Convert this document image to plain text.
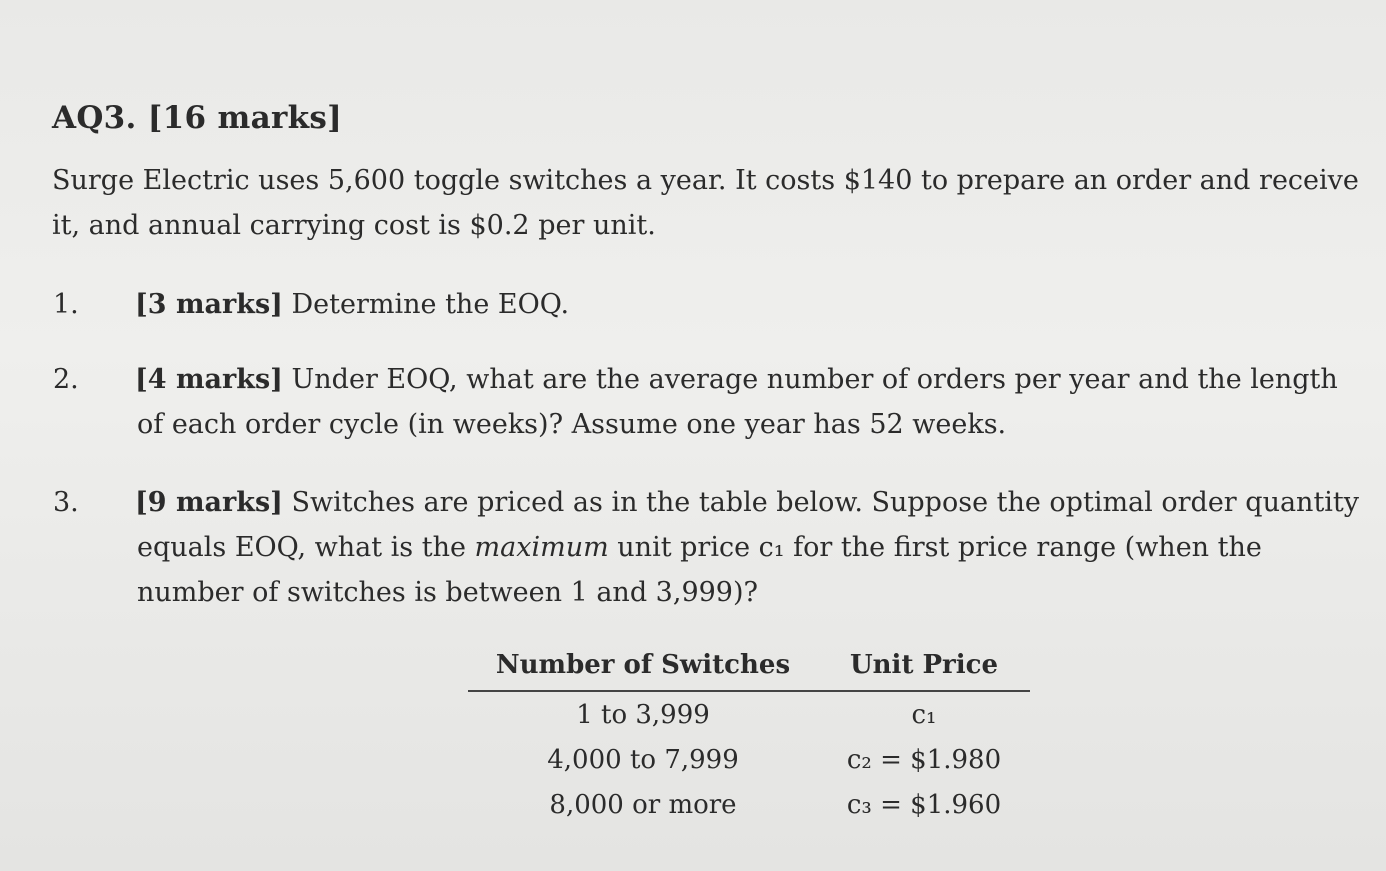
AQ3. [16 marks]
Surge Electric uses 5,600 toggle switches a year. It costs $140 to prepare an order and receive it, and annual carrying cost is $0.2 per unit.
1. [3 marks] Determine the EOQ.
2. [4 marks] Under EOQ, what are the average number of orders per year and the length of each order cycle (in weeks)? Assume one year has 52 weeks.
3. [9 marks] Switches are priced as in the table below. Suppose the optimal order quantity equals EOQ, what is the maximum unit price c₁ for the first price range (when the number of switches is between 1 and 3,999)?
Number of Switches	Unit Price
1 to 3,999	c₁
4,000 to 7,999	c₂ = $1.980
8,000 or more	c₃ = $1.960
